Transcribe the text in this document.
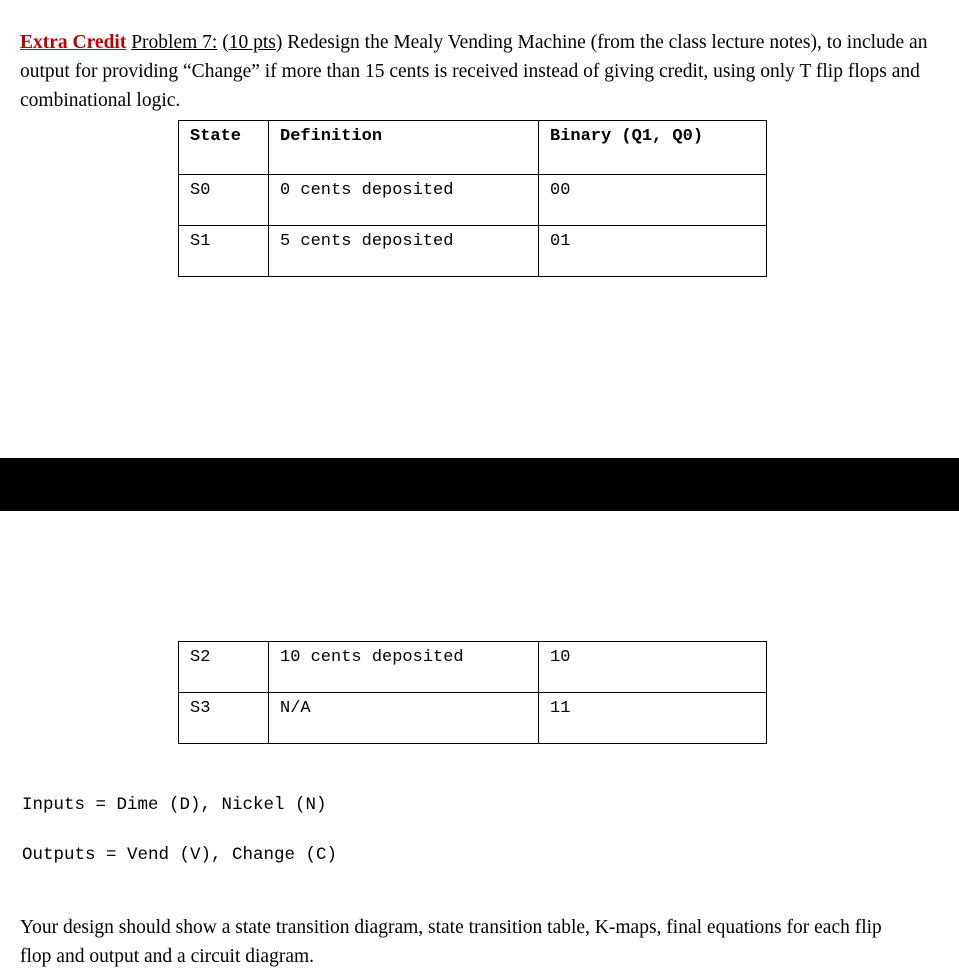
Extra Credit Problem 7: (10 pts) Redesign the Mealy Vending Machine (from the class lecture notes), to include an output for providing “Change” if more than 15 cents is received instead of giving credit, using only T flip flops and combinational logic.

State	Definition	Binary (Q1, Q0)
S0	0 cents deposited	00
S1	5 cents deposited	01
S2	10 cents deposited	10
S3	N/A	11
Inputs = Dime (D), Nickel (N)
Outputs = Vend (V), Change (C)

Your design should show a state transition diagram, state transition table, K-maps, final equations for each flip flop and output and a circuit diagram.
